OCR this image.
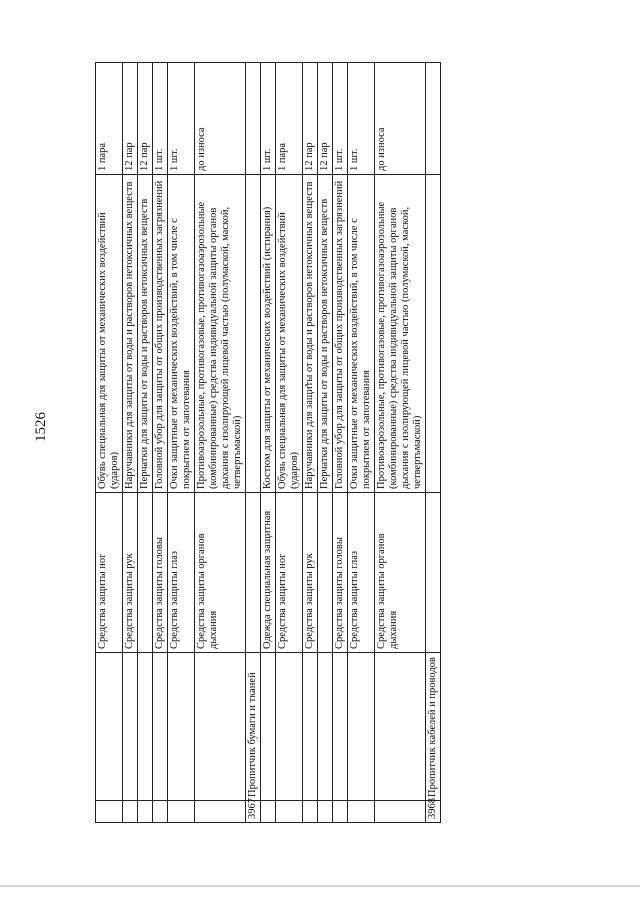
1526
		Средства защиты ног	Обувь специальная для защиты от механических воздействий (ударов)	1 пара
		Средства защиты рук	Наручавники для защиты от воды и растворов нетоксичных веществ	12 пар
			Перчатки для защиты от воды и растворов нетоксичных веществ	12 пар
		Средства защиты головы	Головной убор для защиты от общих производственных загрязнений	1 шт.
		Средства защиты глаз	Очки защитные от механических воздействий, в том числе с покрытием от запотевания	1 шт.
		Средства защиты органов дыхания	Противоаэрозольные, противогазовые, противогазоаэрозольные (комбинированные) средства индивидуальной защиты органов дыхания с изолирующей лицевой частью (полумаской, маской, четвертьмаской)	до износа
3967	Пропитчик бумаги и тканей			
		Одежда специальная защитная	Костюм для защиты от механических воздействий (истирания)	1 шт.
		Средства защиты ног	Обувь специальная для защиты от механических воздействий (ударов)	1 пара
		Средства защиты рук	Наручавники для защиты от воды и растворов нетоксичных веществ	12 пар
			Перчатки для защиты от воды и растворов нетоксичных веществ	12 пар
		Средства защиты головы	Головной убор для защиты от общих производственных загрязнений	1 шт.
		Средства защиты глаз	Очки защитные от механических воздействий, в том числе с покрытием от запотевания	1 шт.
		Средства защиты органов дыхания	Противоаэрозольные, противогазовые, противогазоаэрозольные (комбинированные) средства индивидуальной защиты органов дыхания с изолирующей лицевой частью (полумаской, маской, четвертьмаской)	до износа
3968	Пропитчик кабелей и проводов			
